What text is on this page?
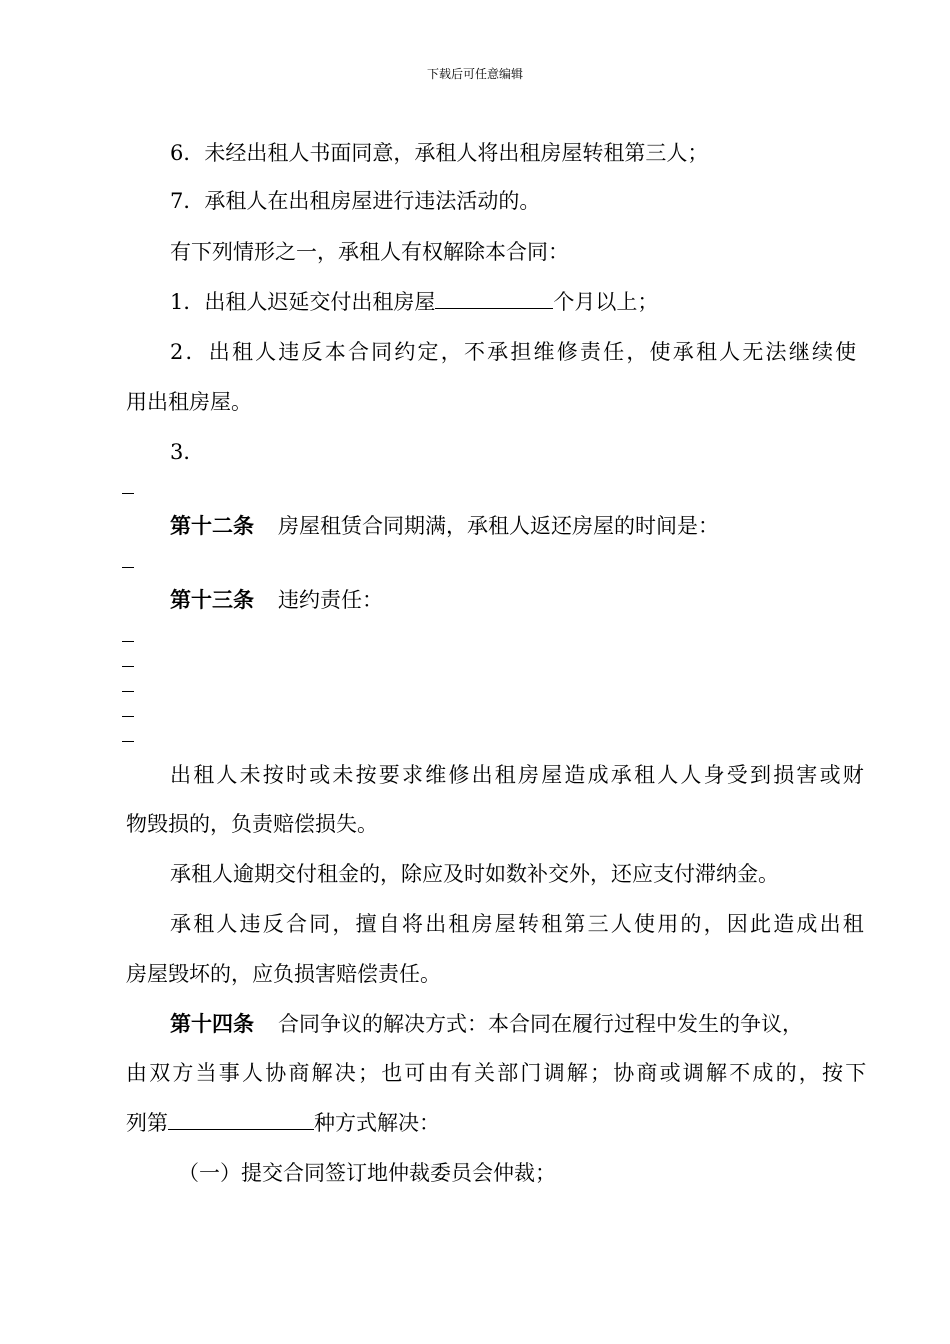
下载后可任意编辑
6．未经出租人书面同意，承租人将出租房屋转租第三人；
7．承租人在出租房屋进行违法活动的。
有下列情形之一，承租人有权解除本合同：
1．出租人迟延交付出租房屋	个月以上；
2．出租人违反本合同约定，不承担维修责任，使承租人无法继续使
用出租房屋。
3．
第十二条 房屋租赁合同期满，承租人返还房屋的时间是：
第十三条 违约责任：
出租人未按时或未按要求维修出租房屋造成承租人人身受到损害或财
物毁损的，负责赔偿损失。
承租人逾期交付租金的，除应及时如数补交外，还应支付滞纳金。
承租人违反合同，擅自将出租房屋转租第三人使用的，因此造成出租
房屋毁坏的，应负损害赔偿责任。
第十四条 合同争议的解决方式：本合同在履行过程中发生的争议，
由双方当事人协商解决；也可由有关部门调解；协商或调解不成的，按下
列第	种方式解决：
（一）提交合同签订地仲裁委员会仲裁；
